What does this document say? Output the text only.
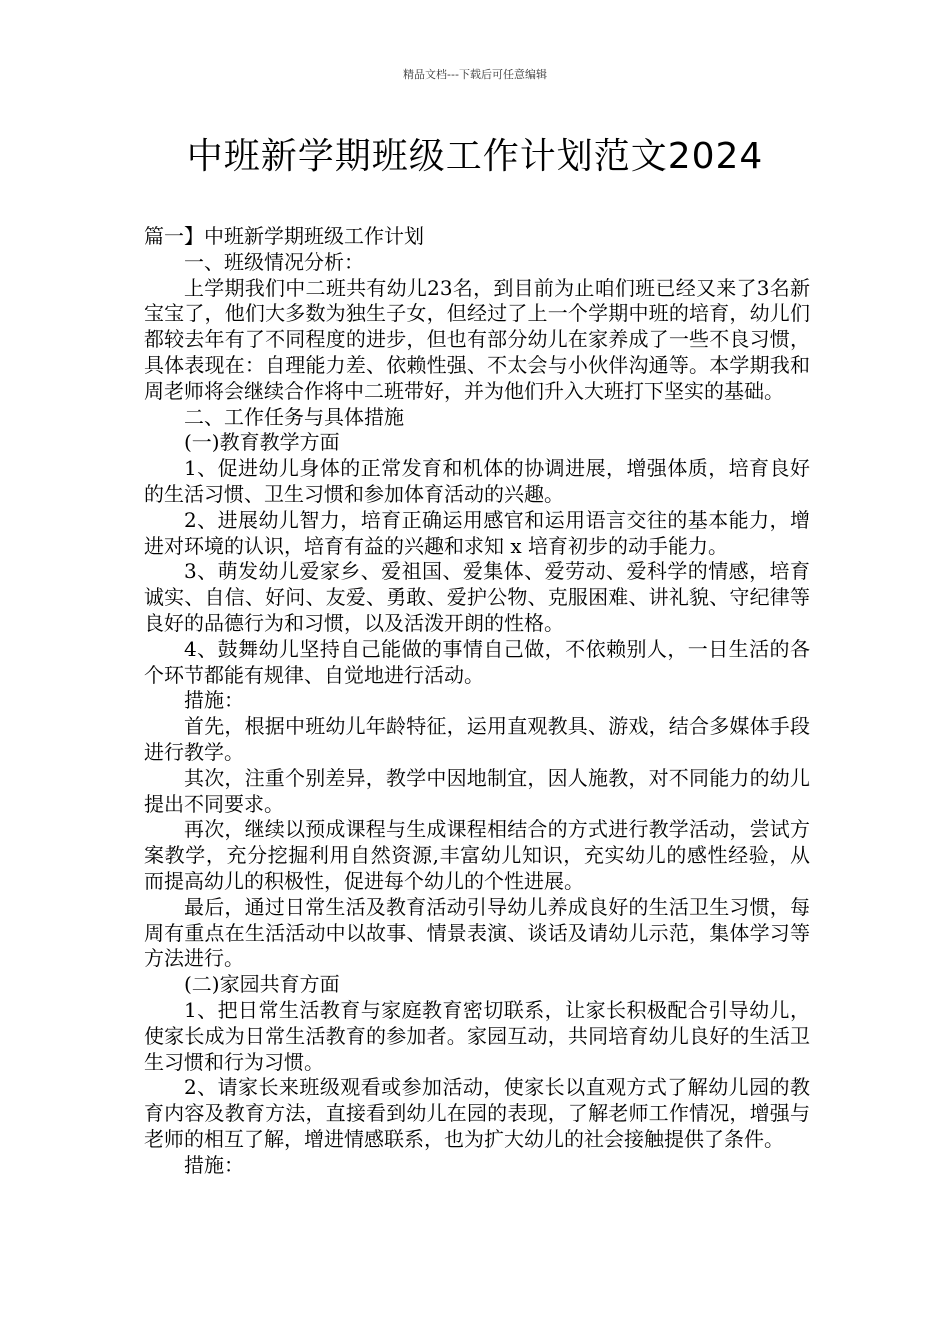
精品文档---下载后可任意编辑
中班新学期班级工作计划范文2024

篇一】中班新学期班级工作计划

一、班级情况分析：

上学期我们中二班共有幼儿23名，到目前为止咱们班已经又来了3名新宝宝了，他们大多数为独生子女，但经过了上一个学期中班的培育，幼儿们都较去年有了不同程度的进步，但也有部分幼儿在家养成了一些不良习惯，具体表现在：自理能力差、依赖性强、不太会与小伙伴沟通等。本学期我和周老师将会继续合作将中二班带好，并为他们升入大班打下坚实的基础。

二、工作任务与具体措施

(一)教育教学方面

1、促进幼儿身体的正常发育和机体的协调进展，增强体质，培育良好的生活习惯、卫生习惯和参加体育活动的兴趣。

2、进展幼儿智力，培育正确运用感官和运用语言交往的基本能力，增进对环境的认识，培育有益的兴趣和求知 x 培育初步的动手能力。

3、萌发幼儿爱家乡、爱祖国、爱集体、爱劳动、爱科学的情感，培育诚实、自信、好问、友爱、勇敢、爱护公物、克服困难、讲礼貌、守纪律等良好的品德行为和习惯，以及活泼开朗的性格。

4、鼓舞幼儿坚持自己能做的事情自己做，不依赖别人，一日生活的各个环节都能有规律、自觉地进行活动。

措施：

首先，根据中班幼儿年龄特征，运用直观教具、游戏，结合多媒体手段进行教学。

其次，注重个别差异，教学中因地制宜，因人施教，对不同能力的幼儿提出不同要求。

再次，继续以预成课程与生成课程相结合的方式进行教学活动，尝试方案教学，充分挖掘利用自然资源,丰富幼儿知识，充实幼儿的感性经验，从而提高幼儿的积极性，促进每个幼儿的个性进展。

最后，通过日常生活及教育活动引导幼儿养成良好的生活卫生习惯，每周有重点在生活活动中以故事、情景表演、谈话及请幼儿示范，集体学习等方法进行。

(二)家园共育方面

1、把日常生活教育与家庭教育密切联系，让家长积极配合引导幼儿，使家长成为日常生活教育的参加者。家园互动，共同培育幼儿良好的生活卫生习惯和行为习惯。

2、请家长来班级观看或参加活动，使家长以直观方式了解幼儿园的教育内容及教育方法，直接看到幼儿在园的表现，了解老师工作情况，增强与老师的相互了解，增进情感联系，也为扩大幼儿的社会接触提供了条件。

措施：
